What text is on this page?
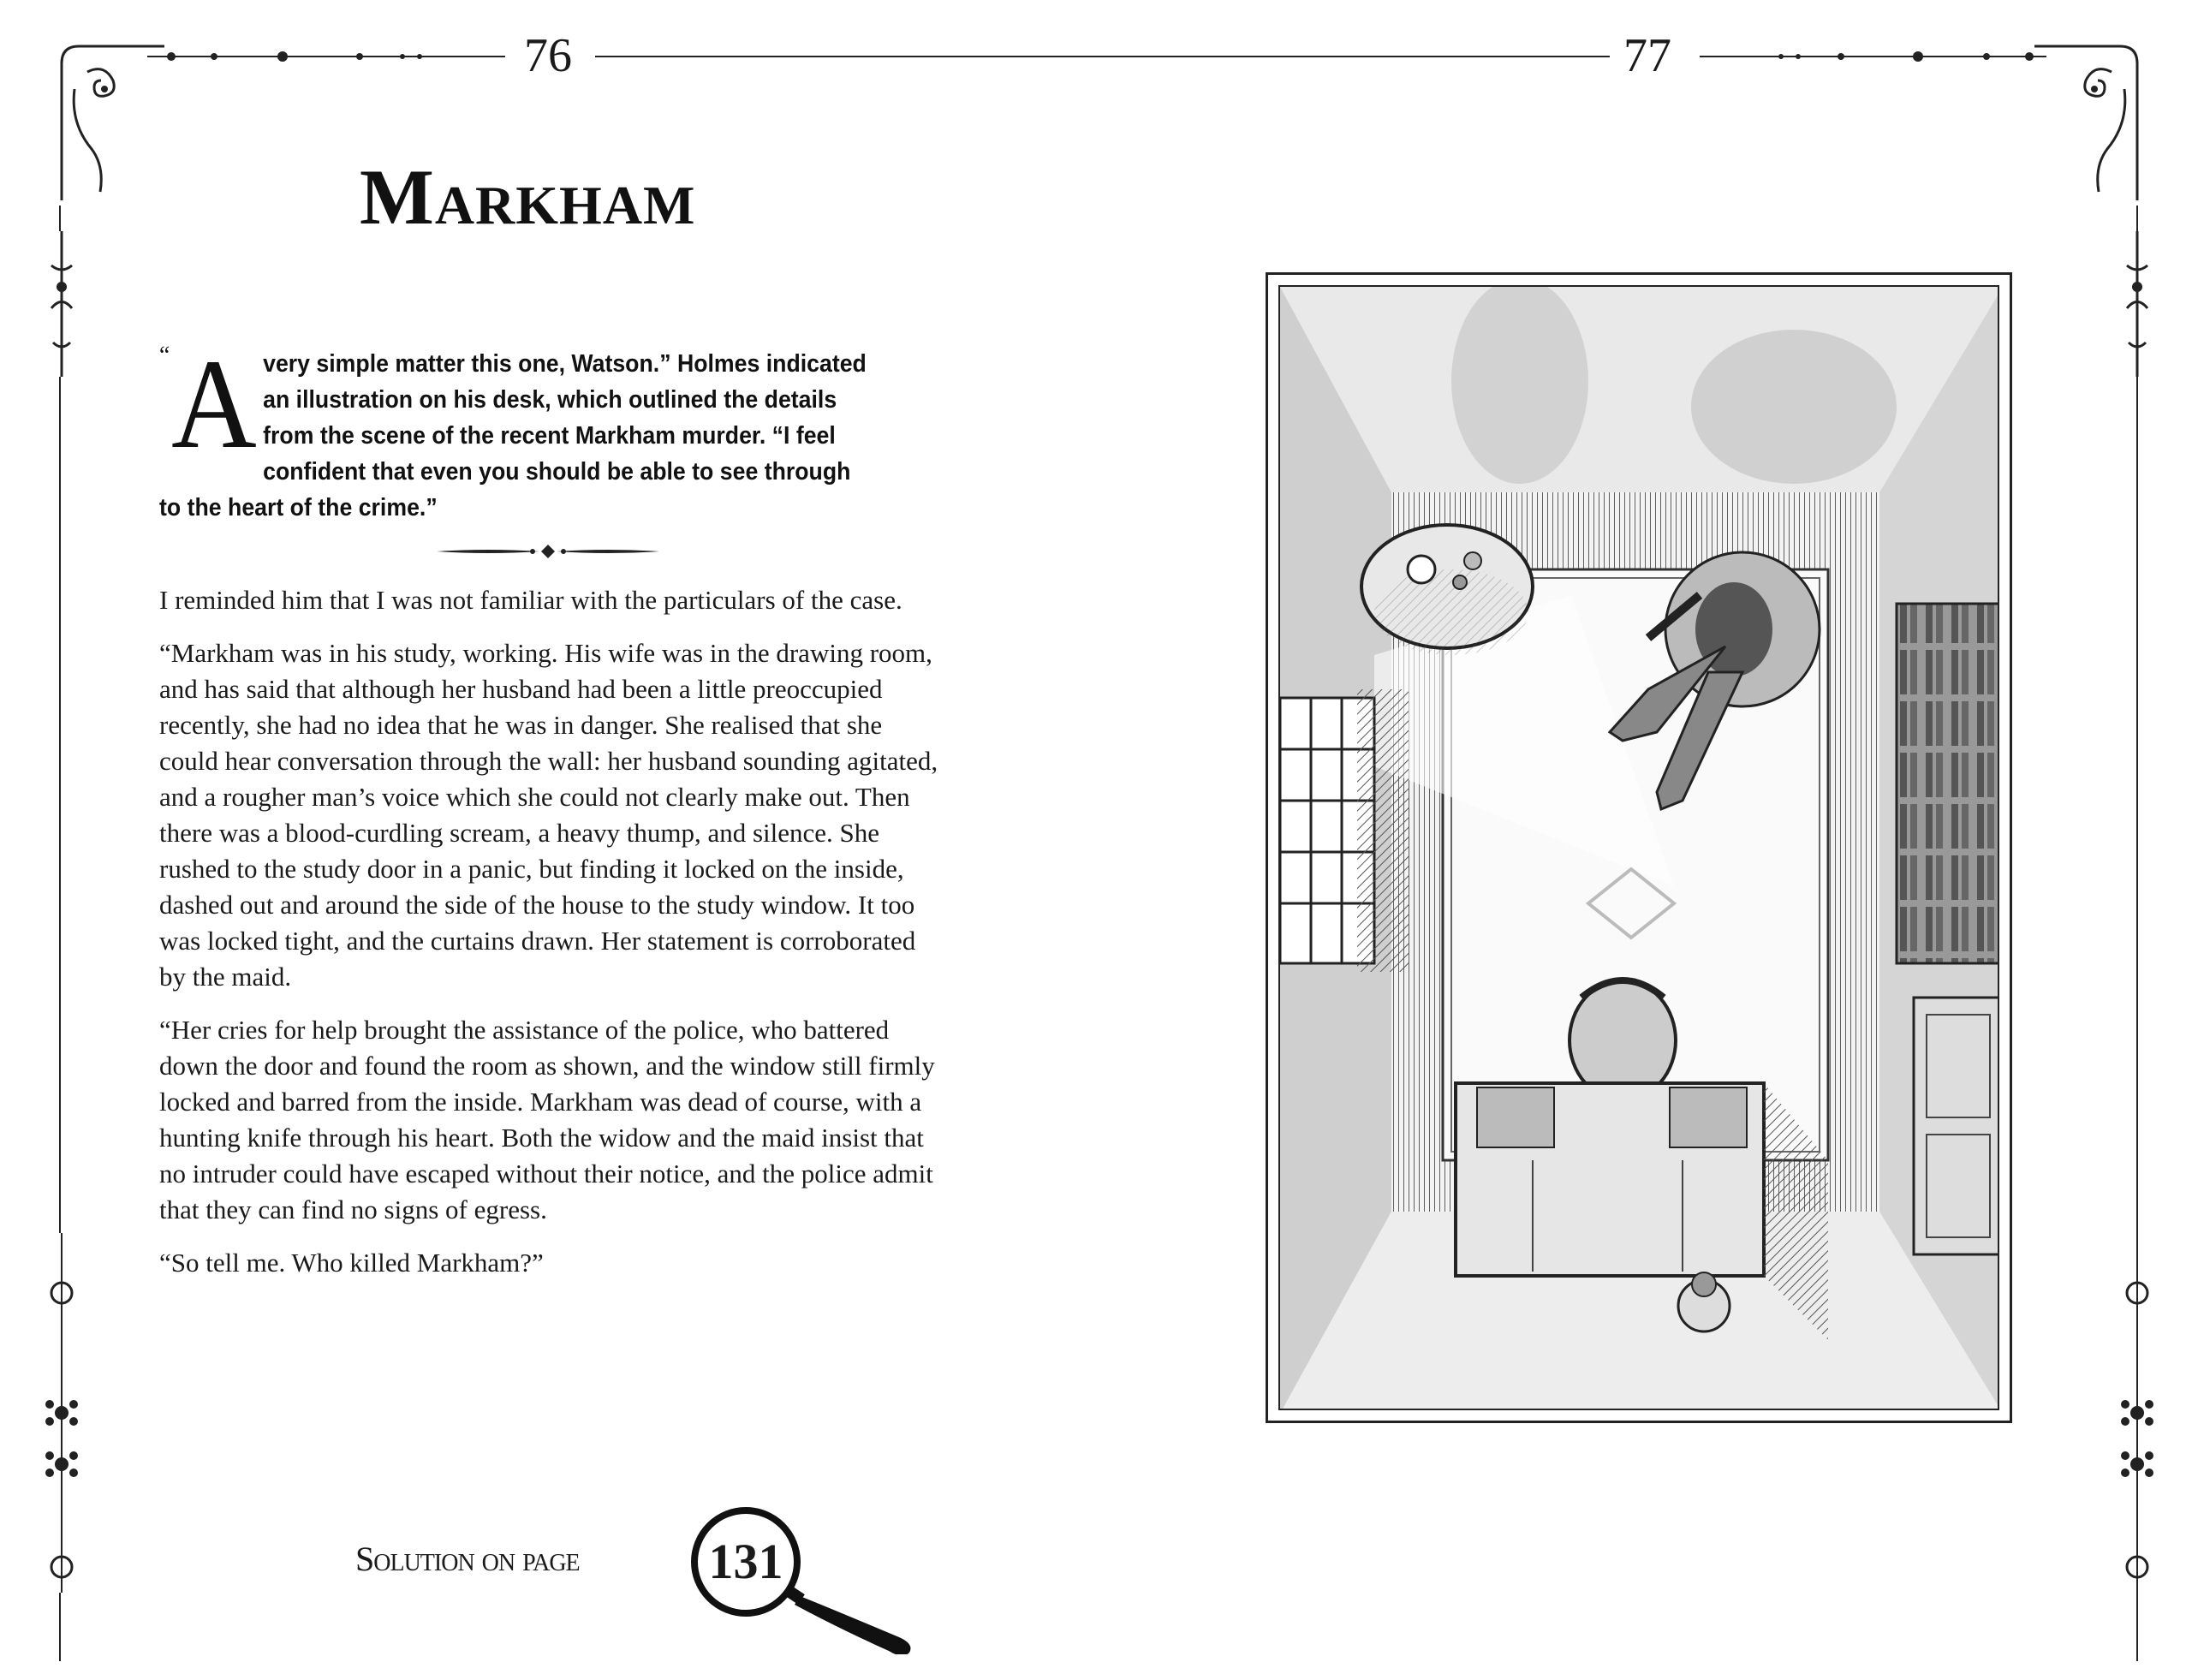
76	77
Markham
“ A very simple matter this one, Watson.” Holmes indicated an illustration on his desk, which outlined the details from the scene of the recent Markham murder. “I feel confident that even you should be able to see through to the heart of the crime.”

I reminded him that I was not familiar with the particulars of the case.

“Markham was in his study, working. His wife was in the drawing room, and has said that although her husband had been a little preoccupied recently, she had no idea that he was in danger. She realised that she could hear conversation through the wall: her husband sounding agitated, and a rougher man’s voice which she could not clearly make out. Then there was a blood-curdling scream, a heavy thump, and silence. She rushed to the study door in a panic, but finding it locked on the inside, dashed out and around the side of the house to the study window. It too was locked tight, and the curtains drawn. Her statement is corroborated by the maid.

“Her cries for help brought the assistance of the police, who battered down the door and found the room as shown, and the window still firmly locked and barred from the inside. Markham was dead of course, with a hunting knife through his heart. Both the widow and the maid insist that no intruder could have escaped without their notice, and the police admit that they can find no signs of egress.

“So tell me. Who killed Markham?”

Solution on page	131
